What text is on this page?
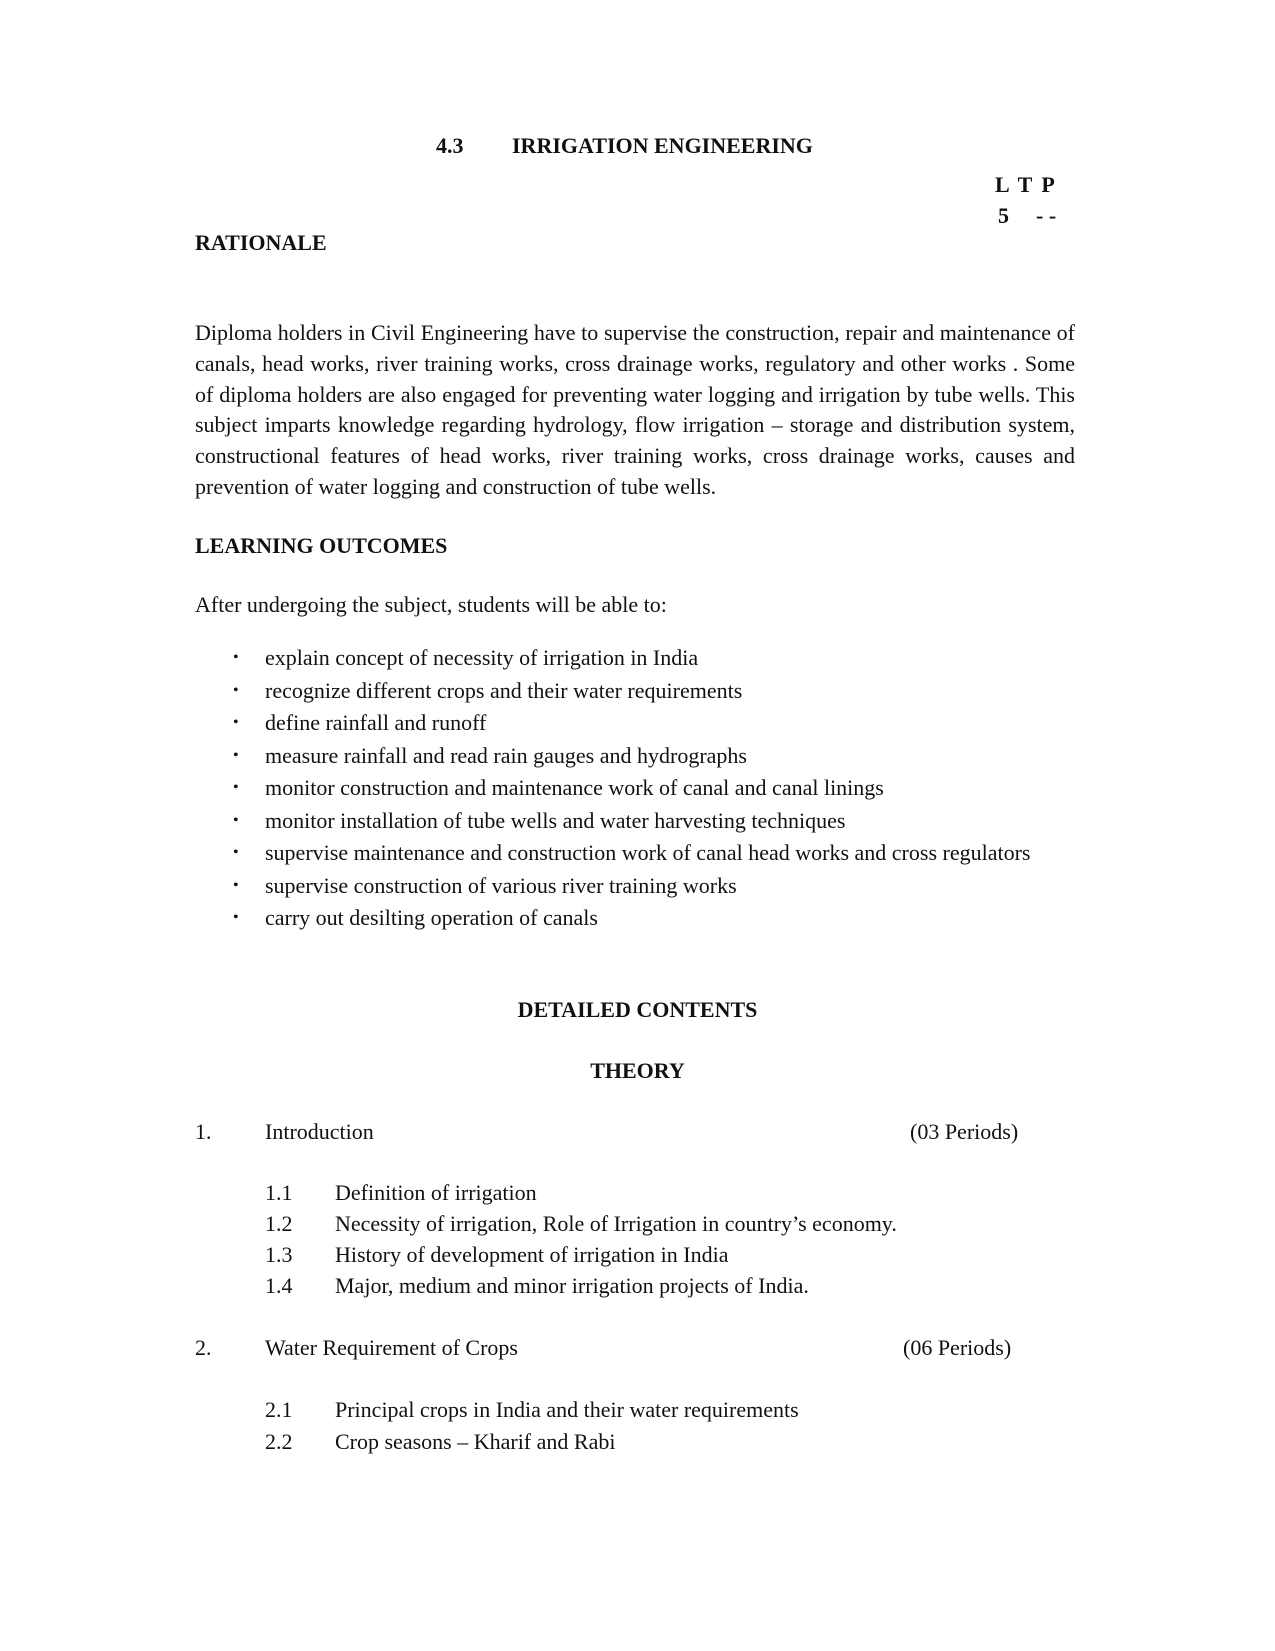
4.3 IRRIGATION ENGINEERING
L T P
5 - -
RATIONALE
Diploma holders in Civil Engineering have to supervise the construction, repair and maintenance of canals, head works, river training works, cross drainage works, regulatory and other works . Some of diploma holders are also engaged for preventing water logging and irrigation by tube wells. This subject imparts knowledge regarding hydrology, flow irrigation – storage and distribution system, constructional features of head works, river training works, cross drainage works, causes and prevention of water logging and construction of tube wells.
LEARNING OUTCOMES
After undergoing the subject, students will be able to:
• explain concept of necessity of irrigation in India
• recognize different crops and their water requirements
• define rainfall and runoff
• measure rainfall and read rain gauges and hydrographs
• monitor construction and maintenance work of canal and canal linings
• monitor installation of tube wells and water harvesting techniques
• supervise maintenance and construction work of canal head works and cross regulators
• supervise construction of various river training works
• carry out desilting operation of canals
DETAILED CONTENTS
THEORY
1. Introduction	(03 Periods)
1.1 Definition of irrigation
1.2 Necessity of irrigation, Role of Irrigation in country’s economy.
1.3 History of development of irrigation in India
1.4 Major, medium and minor irrigation projects of India.
2. Water Requirement of Crops	(06 Periods)
2.1 Principal crops in India and their water requirements
2.2 Crop seasons – Kharif and Rabi
